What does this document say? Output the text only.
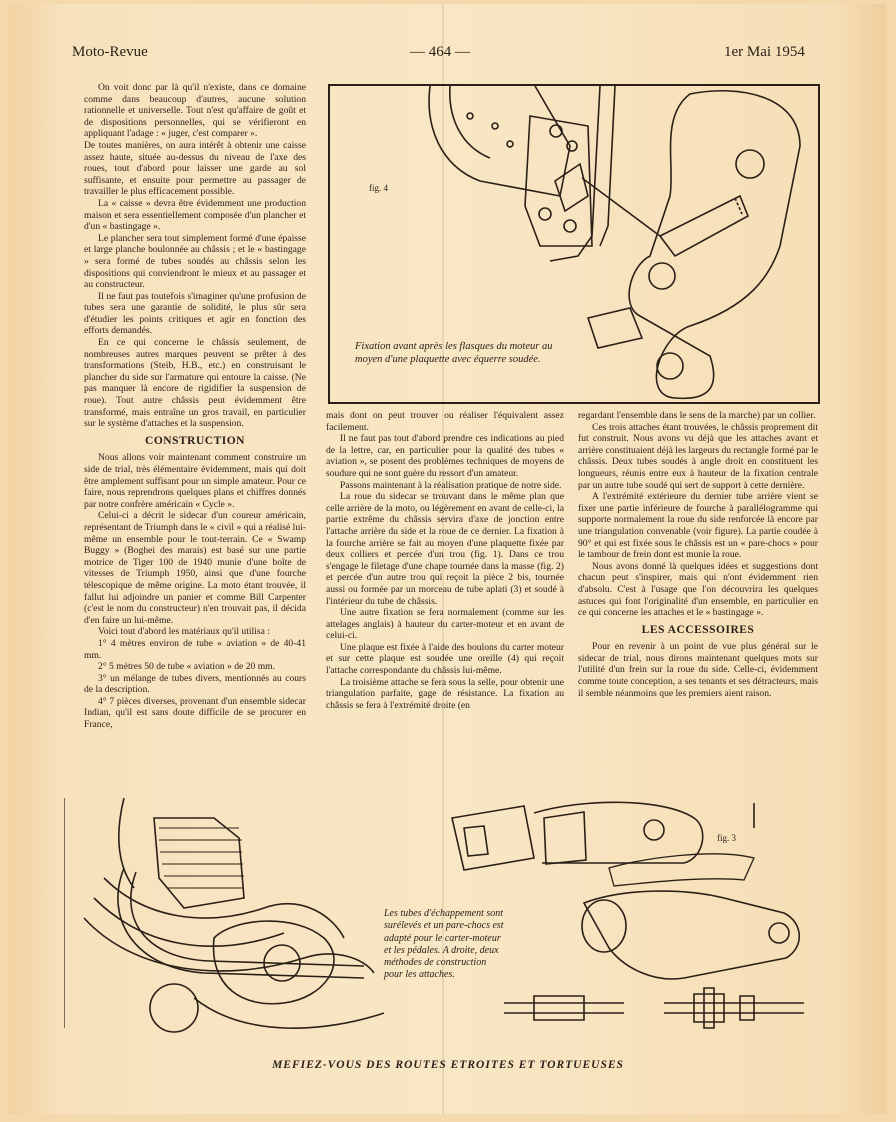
Moto-Revue	— 464 —	1er Mai 1954

On voit donc par là qu'il n'existe, dans ce domaine comme dans beaucoup d'autres, aucune solution rationnelle et universelle. Tout n'est qu'affaire de goût et de dispositions personnelles, qui se vérifieront en appliquant l'adage : « juger, c'est comparer ».

De toutes manières, on aura intérêt à obtenir une caisse assez haute, située au-dessus du niveau de l'axe des roues, tout d'abord pour laisser une garde au sol suffisante, et ensuite pour permettre au passager de travailler le plus efficacement possible.

La « caisse » devra être évidemment une production maison et sera essentiellement composée d'un plancher et d'un « bastingage ».

Le plancher sera tout simplement formé d'une épaisse et large planche boulonnée au châssis ; et le « bastingage » sera formé de tubes soudés au châssis selon les dispositions qui conviendront le mieux et au passager et au constructeur.

Il ne faut pas toutefois s'imaginer qu'une profusion de tubes sera une garantie de solidité, le plus sûr sera d'étudier les points critiques et agir en fonction des efforts demandés.

En ce qui concerne le châssis seulement, de nombreuses autres marques peuvent se prêter à des transformations (Steib, H.B., etc.) en construisant le plancher du side sur l'armature qui entoure la caisse. (Ne pas manquer là encore de rigidifier la suspension de roue). Tout autre châssis peut évidemment être transformé, mais entraîne un gros travail, en particulier sur le système d'attaches et la suspension.

CONSTRUCTION

Nous allons voir maintenant comment construire un side de trial, très élémentaire évidemment, mais qui doit être amplement suffisant pour un simple amateur. Pour ce faire, nous reprendrons quelques plans et chiffres donnés par notre confrère américain « Cycle ».

Celui-ci a décrit le sidecar d'un coureur américain, représentant de Triumph dans le « civil » qui a réalisé lui-même un ensemble pour le tout-terrain. Ce « Swamp Buggy » (Boghei des marais) est basé sur une partie motrice de Tiger 100 de 1940 munie d'une boîte de vitesses de Triumph 1950, ainsi que d'une fourche télescopique de même origine. La moto étant trouvée, il fallut lui adjoindre un panier et comme Bill Carpenter (c'est le nom du constructeur) n'en trouvait pas, il décida d'en faire un lui-même.

Voici tout d'abord les matériaux qu'il utilisa :

1° 4 mètres environ de tube « aviation » de 40-41 mm.

2° 5 mètres 50 de tube « aviation » de 20 mm.

3° un mélange de tubes divers, mentionnés au cours de la description.

4° 7 pièces diverses, provenant d'un ensemble sidecar Indian, qu'il est sans doute difficile de se procurer en France,

fig. 4
Fixation avant après les flasques du moteur au moyen d'une plaquette avec équerre soudée.

mais dont on peut trouver ou réaliser l'équivalent assez facilement.

Il ne faut pas tout d'abord prendre ces indications au pied de la lettre, car, en particulier pour la qualité des tubes « aviation », se posent des problèmes techniques de moyens de soudure qui ne sont guère du ressort d'un amateur.

Passons maintenant à la réalisation pratique de notre side.

La roue du sidecar se trouvant dans le même plan que celle arrière de la moto, ou légèrement en avant de celle-ci, la partie extrême du châssis servira d'axe de jonction entre l'attache arrière du side et la roue de ce dernier. La fixation à la fourche arrière se fait au moyen d'une plaquette fixée par deux colliers et percée d'un trou (fig. 1). Dans ce trou s'engage le filetage d'une chape tournée dans la masse (fig. 2) et percée d'un autre trou qui reçoit la pièce 2 bis, tournée aussi ou formée par un morceau de tube aplati (3) et soudé à l'intérieur du tube de châssis.

Une autre fixation se fera normalement (comme sur les attelages anglais) à hauteur du carter-moteur et en avant de celui-ci.

Une plaque est fixée à l'aide des boulons du carter moteur et sur cette plaque est soudée une oreille (4) qui reçoit l'attache correspondante du châssis lui-même.

La troisième attache se fera sous la selle, pour obtenir une triangulation parfaite, gage de résistance. La fixation au châssis se fera à l'extrémité droite (en

regardant l'ensemble dans le sens de la marche) par un collier.

Ces trois attaches étant trouvées, le châssis proprement dit fut construit. Nous avons vu déjà que les attaches avant et arrière constituaient déjà les largeurs du rectangle formé par le châssis. Deux tubes soudés à angle droit en constituent les longueurs, réunis entre eux à hauteur de la fixation centrale par un autre tube soudé qui sert de support à cette dernière.

A l'extrémité extérieure du dernier tube arrière vient se fixer une partie inférieure de fourche à parallélogramme qui supporte normalement la roue du side renforcée là encore par une triangulation convenable (voir figure). La partie coudée à 90° et qui est fixée sous le châssis est un « pare-chocs » pour le tambour de frein dont est munie la roue.

Nous avons donné là quelques idées et suggestions dont chacun peut s'inspirer, mais qui n'ont évidemment rien d'absolu. C'est à l'usage que l'on découvrira les quelques astuces qui font l'originalité d'un ensemble, en particulier en ce qui concerne les attaches et le « bastingage ».

LES ACCESSOIRES

Pour en revenir à un point de vue plus général sur le sidecar de trial, nous dirons maintenant quelques mots sur l'utilité d'un frein sur la roue du side. Celle-ci, évidemment comme toute conception, a ses tenants et ses détracteurs, mais il semble néanmoins que les premiers aient raison.

fig. 3
Les tubes d'échappement sont surélevés et un pare-chocs est adapté pour le carter-moteur et les pédales. A droite, deux méthodes de construction pour les attaches.
MEFIEZ-VOUS DES ROUTES ETROITES ET TORTUEUSES
